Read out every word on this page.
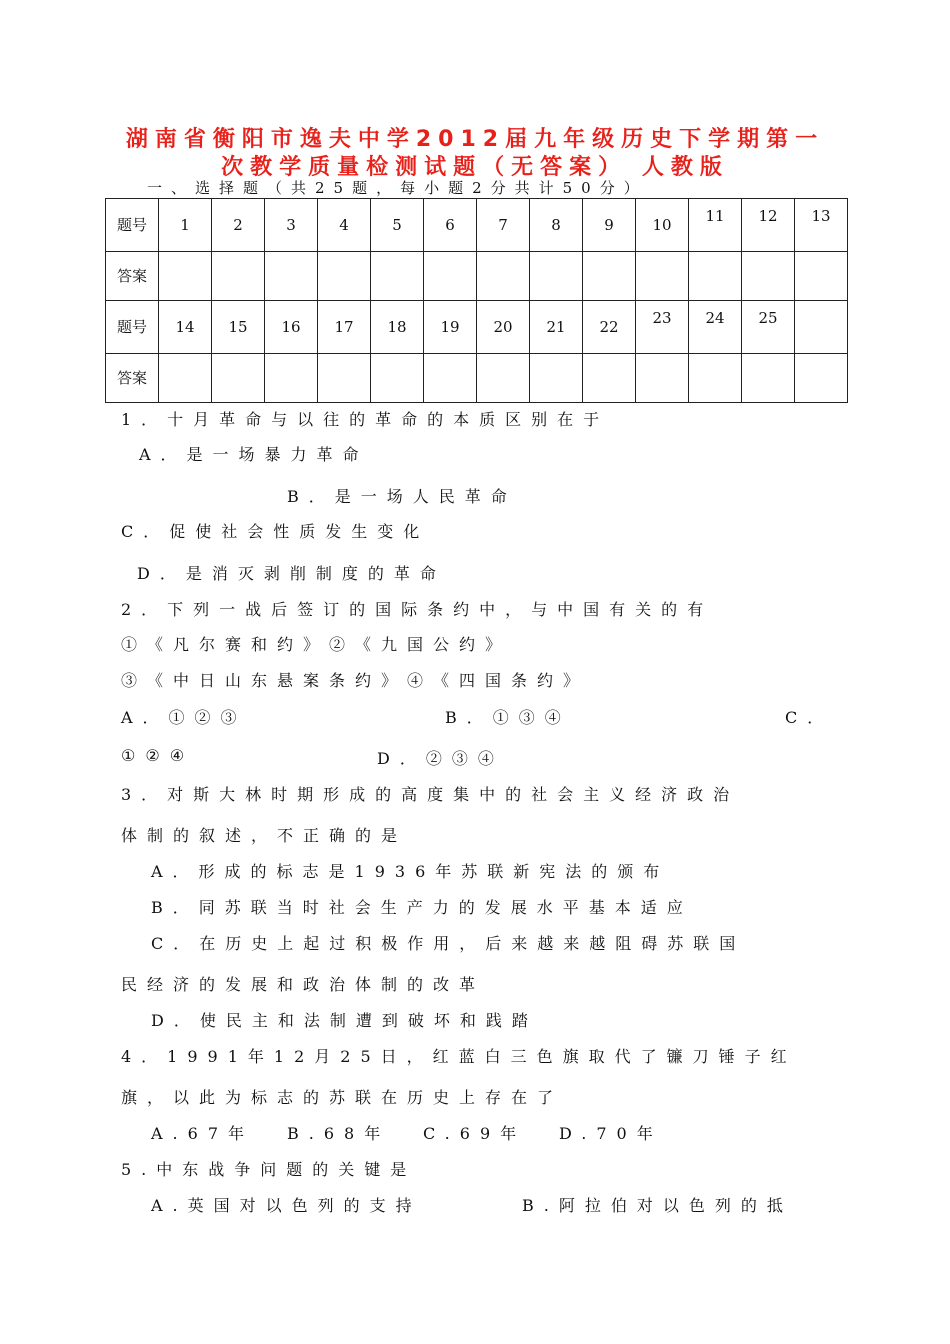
湖南省衡阳市逸夫中学2012届九年级历史下学期第一
次教学质量检测试题（无答案） 人教版
一、选择题（共25题，每小题2分共计50分）
题号	1	2	3	4	5	6	7	8	9	10	11	12	13
答案													
题号	14	15	16	17	18	19	20	21	22	23	24	25	
答案													
1．十月革命与以往的革命的本质区别在于
A．是一场暴力革命
B．是一场人民革命
C．促使社会性质发生变化
D．是消灭剥削制度的革命
2．下列一战后签订的国际条约中，与中国有关的有
①《凡尔赛和约》②《九国公约》
③《中日山东悬案条约》④《四国条约》
A．①②③	B．①③④	C．
①②④	D．②③④
3．对斯大林时期形成的高度集中的社会主义经济政治
体制的叙述，不正确的是
A．形成的标志是1936年苏联新宪法的颁布
B．同苏联当时社会生产力的发展水平基本适应
C．在历史上起过积极作用，后来越来越阻碍苏联国
民经济的发展和政治体制的改革
D．使民主和法制遭到破坏和践踏
4．1991年12月25日，红蓝白三色旗取代了镰刀锤子红
旗，以此为标志的苏联在历史上存在了
A.67年 B.68年 C.69年 D.70年
5.中东战争问题的关键是
A.英国对以色列的支持	B.阿拉伯对以色列的抵
